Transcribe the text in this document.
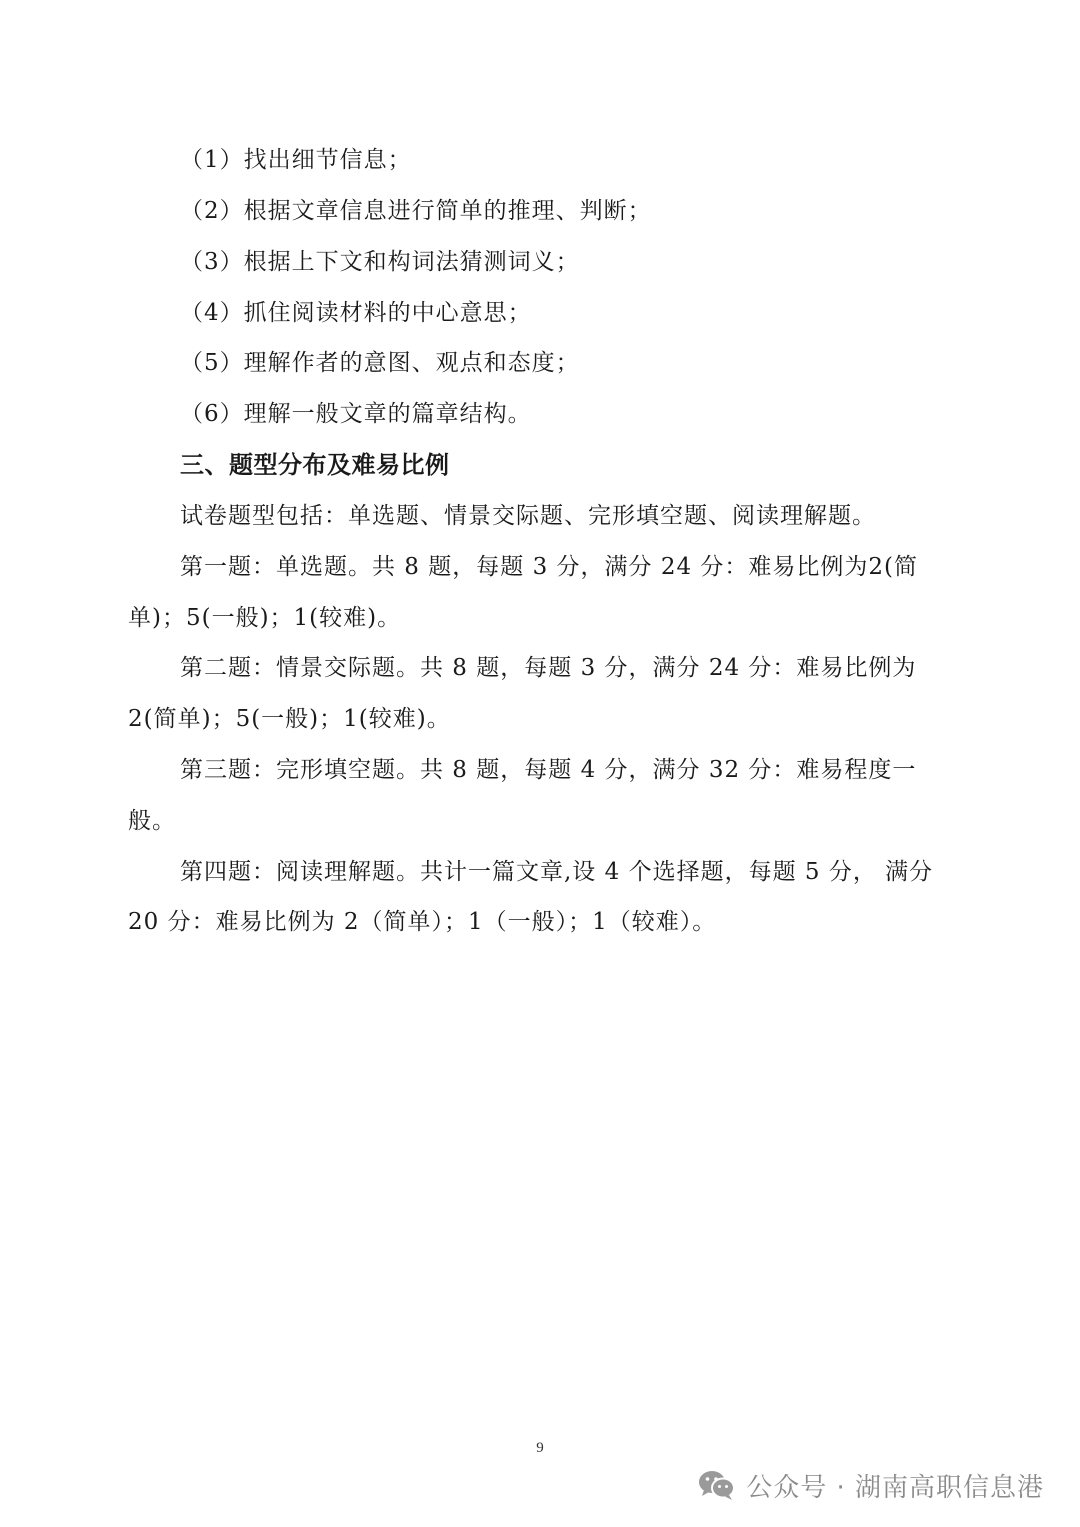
（1）找出细节信息；
（2）根据文章信息进行简单的推理、判断；
（3）根据上下文和构词法猜测词义；
（4）抓住阅读材料的中心意思；
（5）理解作者的意图、观点和态度；
（6）理解一般文章的篇章结构。
三、题型分布及难易比例
试卷题型包括：单选题、情景交际题、完形填空题、阅读理解题。
第一题：单选题。共 8 题，每题 3 分，满分 24 分：难易比例为2(简
单)；5(一般)；1(较难)。
第二题：情景交际题。共 8 题，每题 3 分，满分 24 分：难易比例为
2(简单)；5(一般)；1(较难)。
第三题：完形填空题。共 8 题，每题 4 分，满分 32 分：难易程度一
般。
第四题：阅读理解题。共计一篇文章,设 4 个选择题，每题 5 分， 满分
20 分：难易比例为 2（简单）；1（一般）；1（较难）。
9
公众号 · 湖南高职信息港
